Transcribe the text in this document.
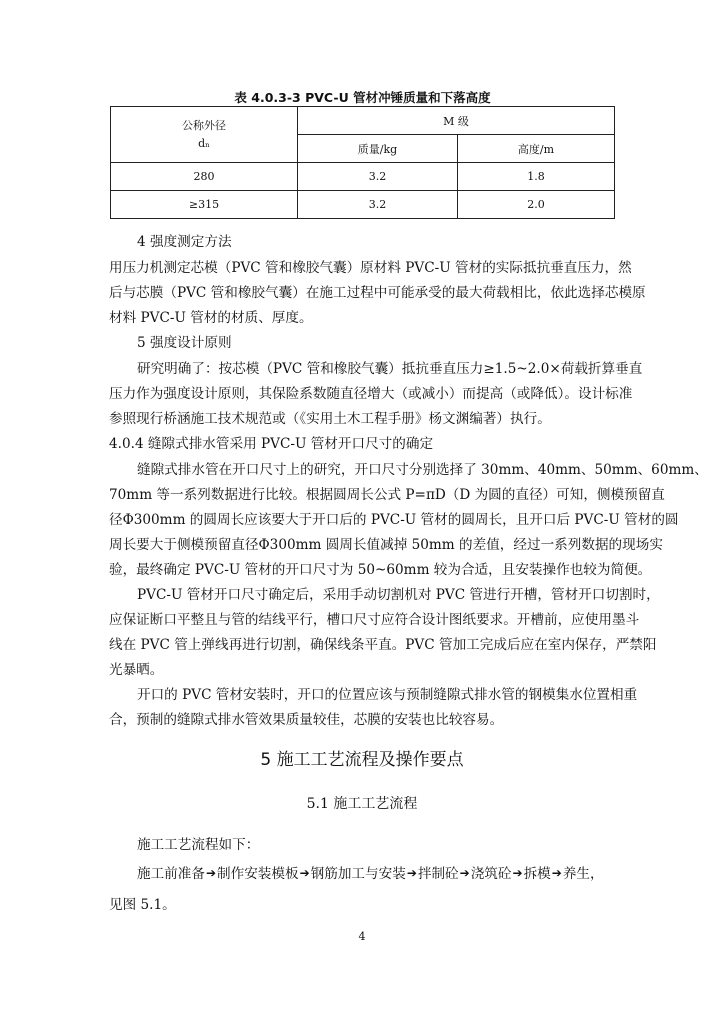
表 4.0.3-3 PVC-U 管材冲锤质量和下落高度
公称外径
dₙ	M 级	
	质量/kg	高度/m
280	3.2	1.8
≥315	3.2	2.0
4 强度测定方法
用压力机测定芯模（PVC 管和橡胶气囊）原材料 PVC-U 管材的实际抵抗垂直压力，然
后与芯膜（PVC 管和橡胶气囊）在施工过程中可能承受的最大荷载相比，依此选择芯模原
材料 PVC-U 管材的材质、厚度。
5 强度设计原则
研究明确了：按芯模（PVC 管和橡胶气囊）抵抗垂直压力≥1.5~2.0×荷载折算垂直
压力作为强度设计原则，其保险系数随直径增大（或减小）而提高（或降低）。设计标准
参照现行桥涵施工技术规范或（《实用土木工程手册》杨文渊编著）执行。
4.0.4 缝隙式排水管采用 PVC-U 管材开口尺寸的确定
缝隙式排水管在开口尺寸上的研究，开口尺寸分别选择了 30mm、40mm、50mm、60mm、
70mm 等一系列数据进行比较。根据圆周长公式 P=πD（D 为圆的直径）可知，侧模预留直
径Φ300mm 的圆周长应该要大于开口后的 PVC-U 管材的圆周长，且开口后 PVC-U 管材的圆
周长要大于侧模预留直径Φ300mm 圆周长值减掉 50mm 的差值，经过一系列数据的现场实
验，最终确定 PVC-U 管材的开口尺寸为 50~60mm 较为合适，且安装操作也较为简便。
PVC-U 管材开口尺寸确定后，采用手动切割机对 PVC 管进行开槽，管材开口切割时，
应保证断口平整且与管的结线平行，槽口尺寸应符合设计图纸要求。开槽前，应使用墨斗
线在 PVC 管上弹线再进行切割，确保线条平直。PVC 管加工完成后应在室内保存，严禁阳
光暴晒。
开口的 PVC 管材安装时，开口的位置应该与预制缝隙式排水管的钢模集水位置相重
合，预制的缝隙式排水管效果质量较佳，芯膜的安装也比较容易。
5 施工工艺流程及操作要点
5.1 施工工艺流程
施工工艺流程如下：
施工前准备➔制作安装模板➔钢筋加工与安装➔拌制砼➔浇筑砼➔拆模➔养生，
见图 5.1。
4
